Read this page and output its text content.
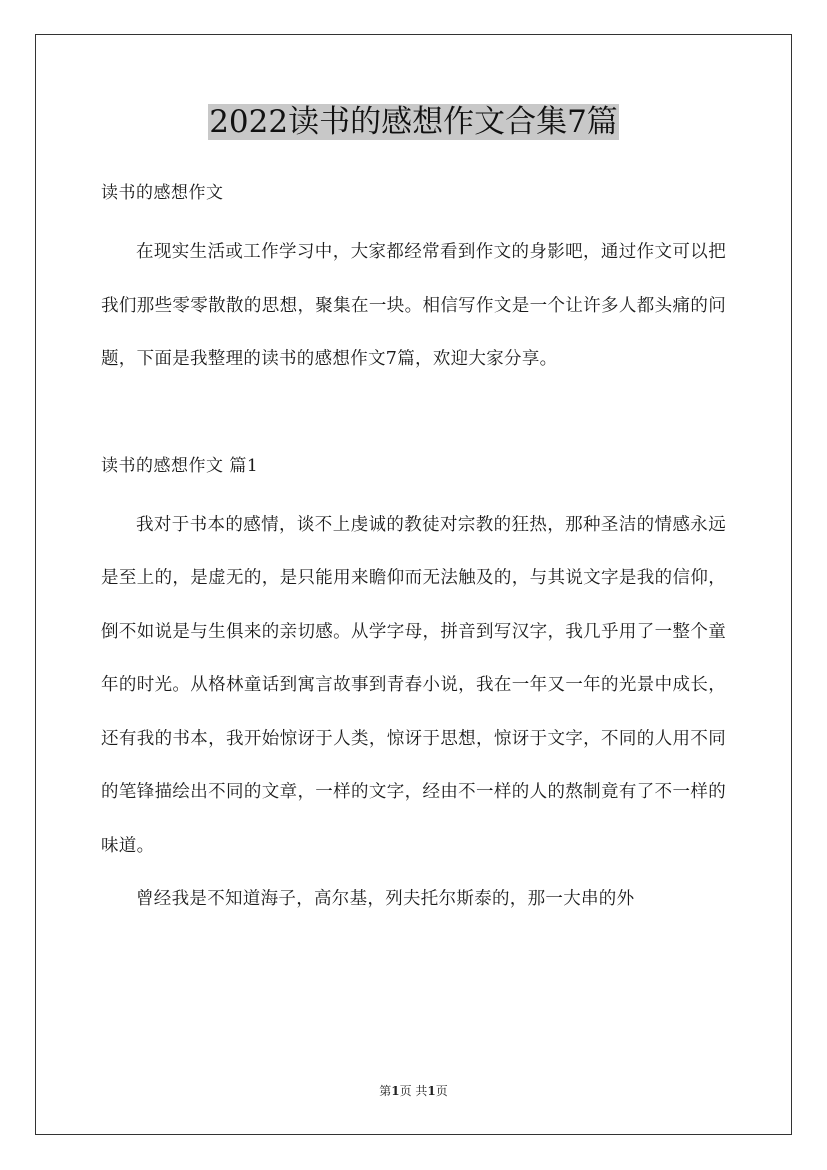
2022读书的感想作文合集7篇

读书的感想作文

在现实生活或工作学习中，大家都经常看到作文的身影吧，通过作文可以把我们那些零零散散的思想，聚集在一块。相信写作文是一个让许多人都头痛的问题，下面是我整理的读书的感想作文7篇，欢迎大家分享。

读书的感想作文 篇1

我对于书本的感情，谈不上虔诚的教徒对宗教的狂热，那种圣洁的情感永远是至上的，是虚无的，是只能用来瞻仰而无法触及的，与其说文字是我的信仰，倒不如说是与生俱来的亲切感。从学字母，拼音到写汉字，我几乎用了一整个童年的时光。从格林童话到寓言故事到青春小说，我在一年又一年的光景中成长，还有我的书本，我开始惊讶于人类，惊讶于思想，惊讶于文字，不同的人用不同的笔锋描绘出不同的文章，一样的文字，经由不一样的人的熬制竟有了不一样的味道。

曾经我是不知道海子，高尔基，列夫托尔斯泰的，那一大串的外

第1页 共1页
